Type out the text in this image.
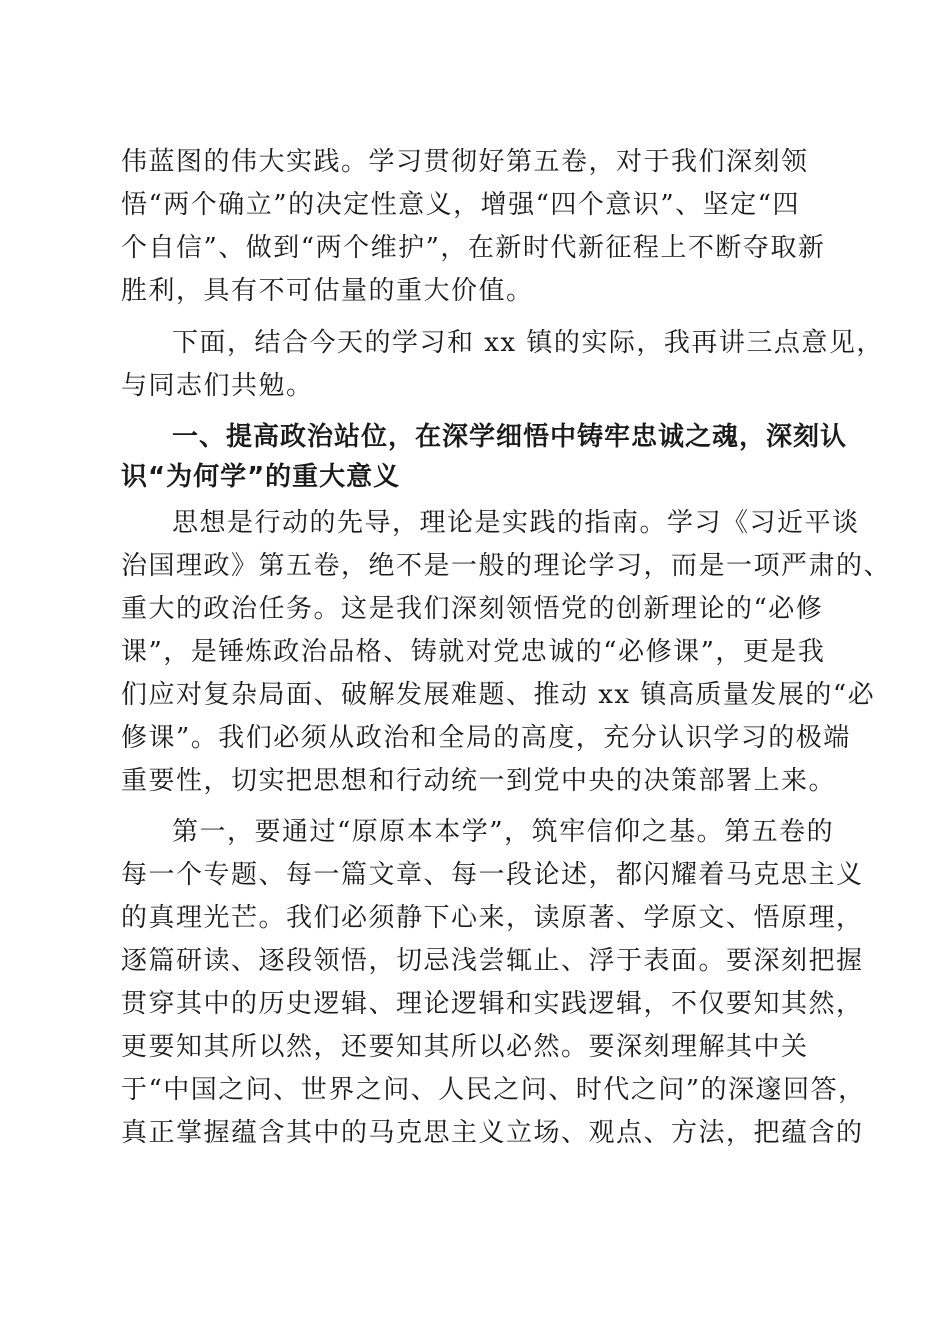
伟蓝图的伟大实践。学习贯彻好第五卷，对于我们深刻领
悟“两个确立”的决定性意义，增强“四个意识”、坚定“四
个自信”、做到“两个维护”，在新时代新征程上不断夺取新
胜利，具有不可估量的重大价值。
下面，结合今天的学习和 xx 镇的实际，我再讲三点意见，
与同志们共勉。
一、提高政治站位，在深学细悟中铸牢忠诚之魂，深刻认
识“为何学”的重大意义
思想是行动的先导，理论是实践的指南。学习《习近平谈
治国理政》第五卷，绝不是一般的理论学习，而是一项严肃的、
重大的政治任务。这是我们深刻领悟党的创新理论的“必修
课”，是锤炼政治品格、铸就对党忠诚的“必修课”，更是我
们应对复杂局面、破解发展难题、推动 xx 镇高质量发展的“必
修课”。我们必须从政治和全局的高度，充分认识学习的极端
重要性，切实把思想和行动统一到党中央的决策部署上来。
第一，要通过“原原本本学”，筑牢信仰之基。第五卷的
每一个专题、每一篇文章、每一段论述，都闪耀着马克思主义
的真理光芒。我们必须静下心来，读原著、学原文、悟原理，
逐篇研读、逐段领悟，切忌浅尝辄止、浮于表面。要深刻把握
贯穿其中的历史逻辑、理论逻辑和实践逻辑，不仅要知其然，
更要知其所以然，还要知其所以必然。要深刻理解其中关
于“中国之问、世界之问、人民之问、时代之问”的深邃回答，
真正掌握蕴含其中的马克思主义立场、观点、方法，把蕴含的
